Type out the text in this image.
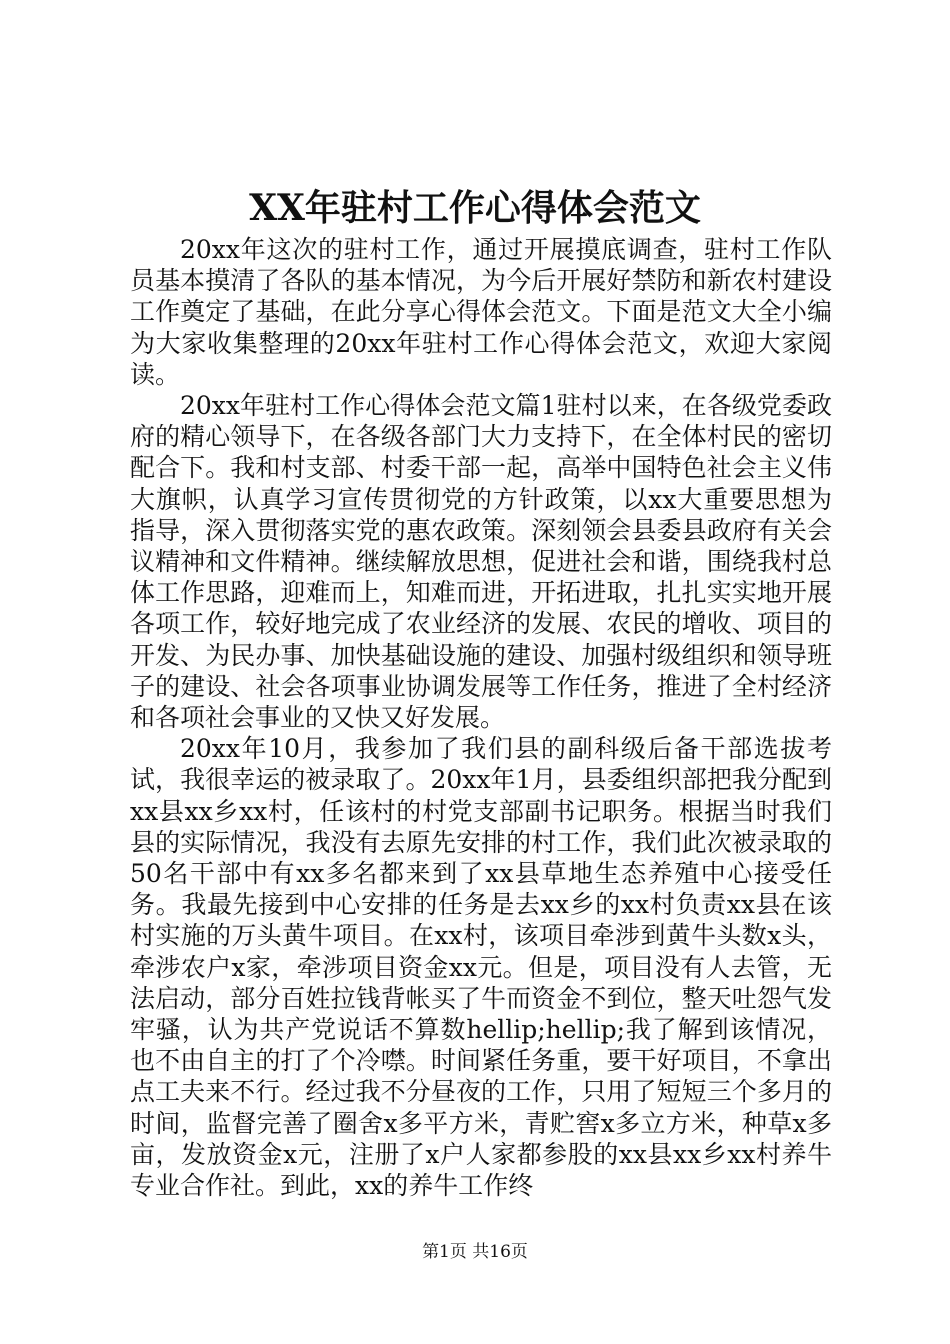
XX年驻村工作心得体会范文

20xx年这次的驻村工作，通过开展摸底调查，驻村工作队员基本摸清了各队的基本情况，为今后开展好禁防和新农村建设工作奠定了基础，在此分享心得体会范文。下面是范文大全小编为大家收集整理的20xx年驻村工作心得体会范文，欢迎大家阅读。

20xx年驻村工作心得体会范文篇1驻村以来，在各级党委政府的精心领导下，在各级各部门大力支持下，在全体村民的密切配合下。我和村支部、村委干部一起，高举中国特色社会主义伟大旗帜，认真学习宣传贯彻党的方针政策，以xx大重要思想为指导，深入贯彻落实党的惠农政策。深刻领会县委县政府有关会议精神和文件精神。继续解放思想，促进社会和谐，围绕我村总体工作思路，迎难而上，知难而进，开拓进取，扎扎实实地开展各项工作，较好地完成了农业经济的发展、农民的增收、项目的开发、为民办事、加快基础设施的建设、加强村级组织和领导班子的建设、社会各项事业协调发展等工作任务，推进了全村经济和各项社会事业的又快又好发展。

20xx年10月，我参加了我们县的副科级后备干部选拔考试，我很幸运的被录取了。20xx年1月，县委组织部把我分配到xx县xx乡xx村，任该村的村党支部副书记职务。根据当时我们县的实际情况，我没有去原先安排的村工作，我们此次被录取的50名干部中有xx多名都来到了xx县草地生态养殖中心接受任务。我最先接到中心安排的任务是去xx乡的xx村负责xx县在该村实施的万头黄牛项目。在xx村，该项目牵涉到黄牛头数x头，牵涉农户x家，牵涉项目资金xx元。但是，项目没有人去管，无法启动，部分百姓拉钱背帐买了牛而资金不到位，整天吐怨气发牢骚，认为共产党说话不算数hellip;hellip;我了解到该情况，也不由自主的打了个冷噤。时间紧任务重，要干好项目，不拿出点工夫来不行。经过我不分昼夜的工作，只用了短短三个多月的时间，监督完善了圈舍x多平方米，青贮窖x多立方米，种草x多亩，发放资金x元，注册了x户人家都参股的xx县xx乡xx村养牛专业合作社。到此，xx的养牛工作终

第1页 共16页
